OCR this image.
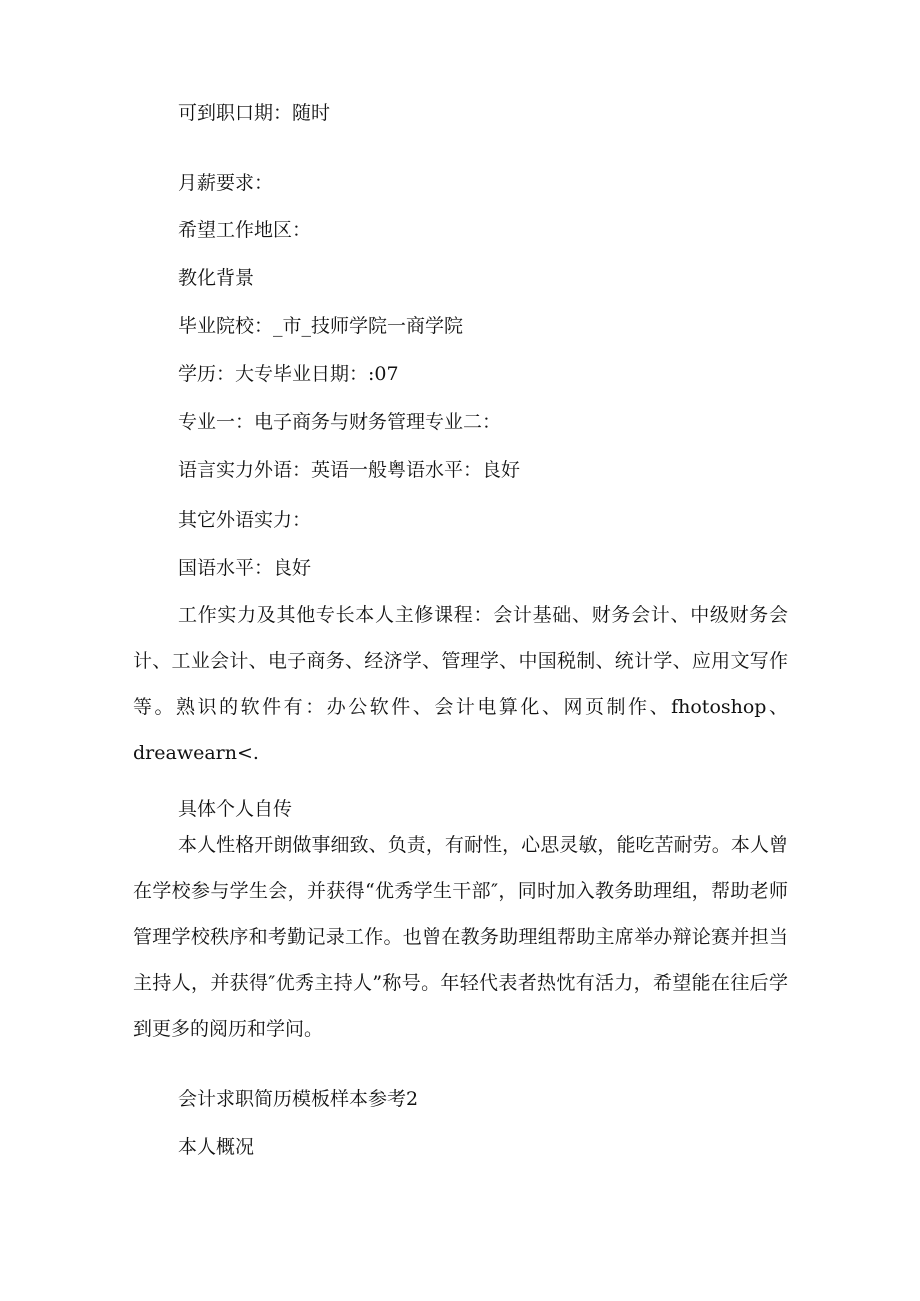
可到职口期：随时
月薪要求：
希望工作地区：
教化背景
毕业院校：_市_技师学院一商学院
学历：大专毕业日期：:07
专业一：电子商务与财务管理专业二：
语言实力外语：英语一般粤语水平：良好
其它外语实力：
国语水平：良好
工作实力及其他专长本人主修课程：会计基础、财务会计、中级财务会计、工业会计、电子商务、经济学、管理学、中国税制、统计学、应用文写作等。熟识的软件有：办公软件、会计电算化、网页制作、fhotoshop、dreawearn<.
具体个人自传
本人性格开朗做事细致、负责，有耐性，心思灵敏，能吃苦耐劳。本人曾在学校参与学生会，并获得“优秀学生干部″，同时加入教务助理组，帮助老师管理学校秩序和考勤记录工作。也曾在教务助理组帮助主席举办辩论赛并担当主持人，并获得″优秀主持人”称号。年轻代表者热忱有活力，希望能在往后学到更多的阅历和学问。
会计求职简历模板样本参考2
本人概况
